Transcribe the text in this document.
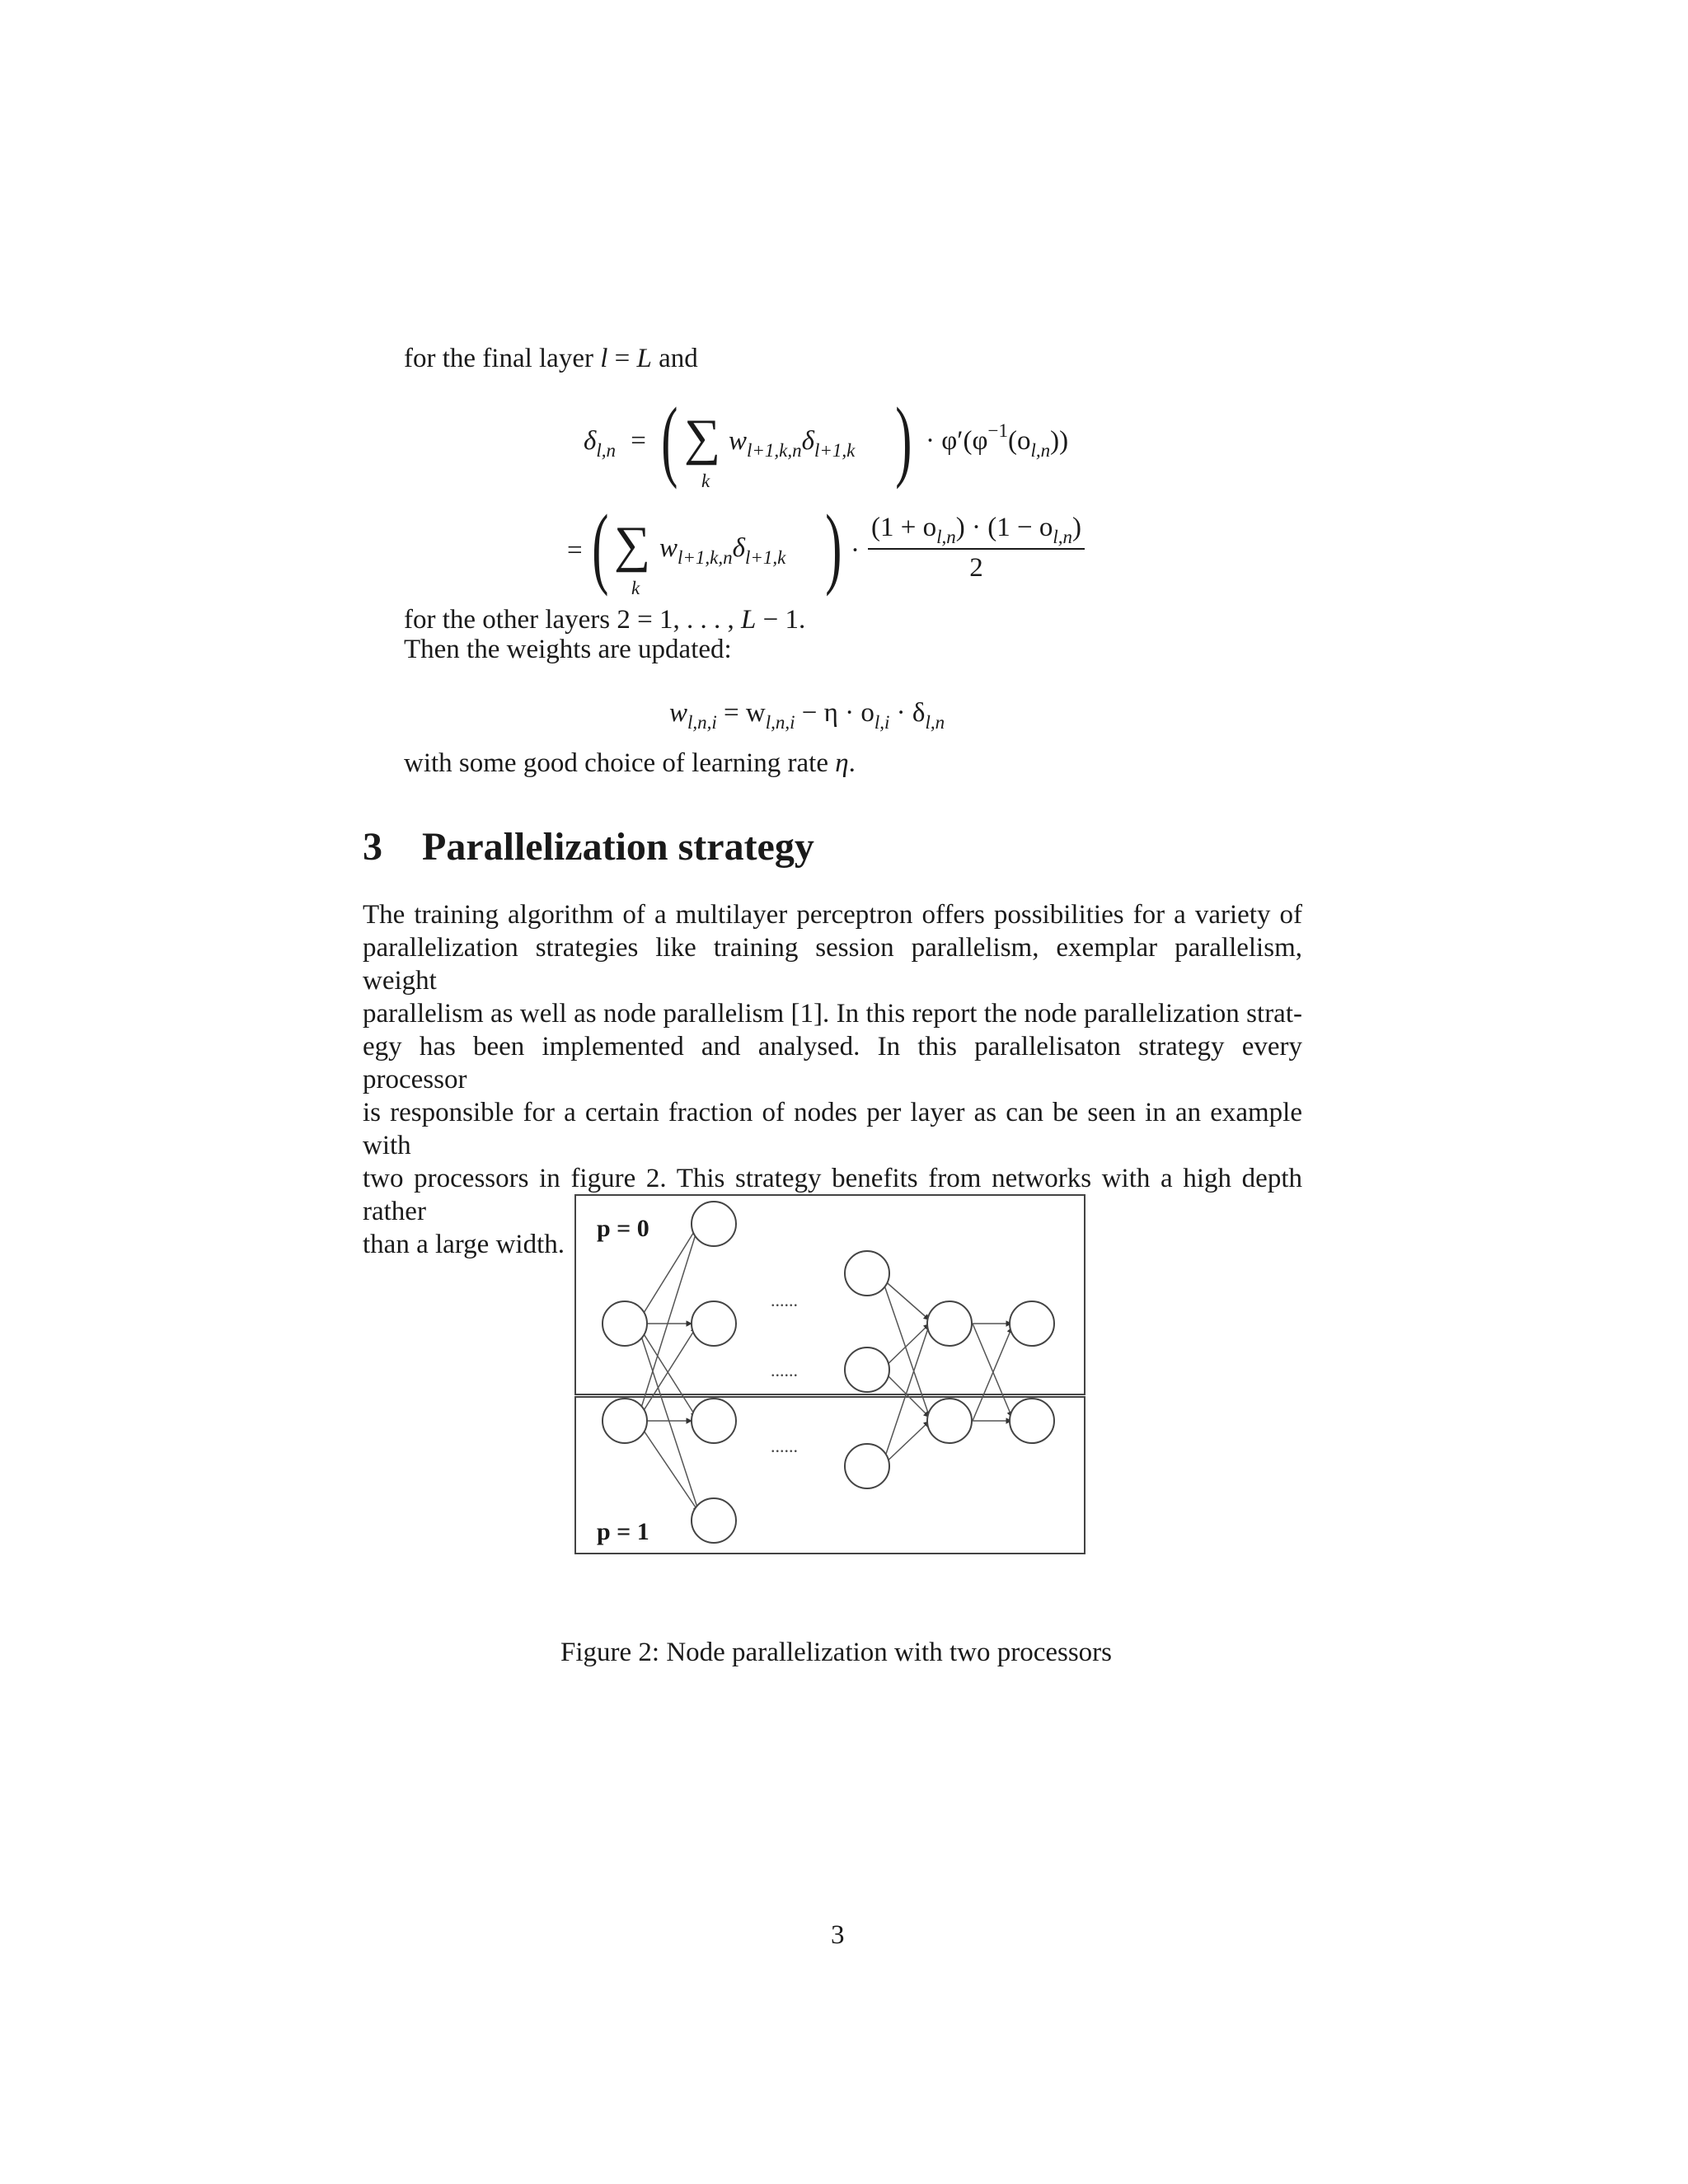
for the final layer l = L and
$\delta_{l,n}$ = ( ∑
k
$w_{l+1,k,n}\delta_{l+1,k}$ ) · $\varphi'(\varphi^{-1}(o_{l,n}))$
= ( ∑
k
$w_{l+1,k,n}\delta_{l+1,k}$ ) · $\frac{(1 + o_{l,n}) \cdot (1 - o_{l,n})}{2}$
for the other layers 2 = 1, . . . , L − 1.
Then the weights are updated:
$w_{l,n,i} = w_{l,n,i} - \eta \cdot o_{l,i} \cdot \delta_{l,n}$
with some good choice of learning rate η.
3 Parallelization strategy
The training algorithm of a multilayer perceptron offers possibilities for a variety of
parallelization strategies like training session parallelism, exemplar parallelism, weight
parallelism as well as node parallelism [1]. In this report the node parallelization strat-
egy has been implemented and analysed. In this parallelisaton strategy every processor
is responsible for a certain fraction of nodes per layer as can be seen in an example with
two processors in figure 2. This strategy benefits from networks with a high depth rather
than a large width.
p = 0
p = 1
......
......
......
Figure 2: Node parallelization with two processors
3
